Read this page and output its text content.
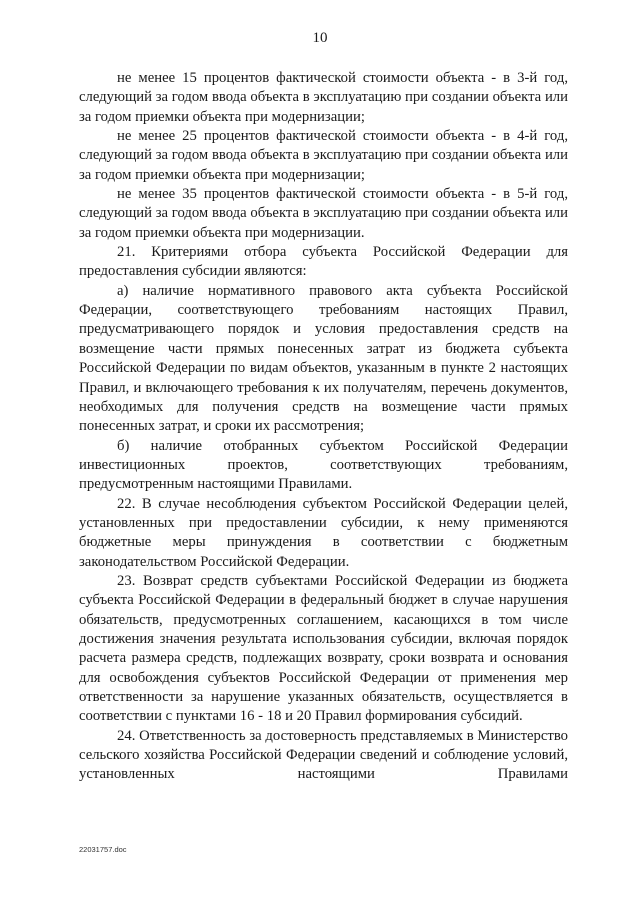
10

не менее 15 процентов фактической стоимости объекта - в 3-й год, следующий за годом ввода объекта в эксплуатацию при создании объекта или за годом приемки объекта при модернизации;

не менее 25 процентов фактической стоимости объекта - в 4-й год, следующий за годом ввода объекта в эксплуатацию при создании объекта или за годом приемки объекта при модернизации;

не менее 35 процентов фактической стоимости объекта - в 5-й год, следующий за годом ввода объекта в эксплуатацию при создании объекта или за годом приемки объекта при модернизации.

21. Критериями отбора субъекта Российской Федерации для предоставления субсидии являются:

а) наличие нормативного правового акта субъекта Российской Федерации, соответствующего требованиям настоящих Правил, предусматривающего порядок и условия предоставления средств на возмещение части прямых понесенных затрат из бюджета субъекта Российской Федерации по видам объектов, указанным в пункте 2 настоящих Правил, и включающего требования к их получателям, перечень документов, необходимых для получения средств на возмещение части прямых понесенных затрат, и сроки их рассмотрения;

б) наличие отобранных субъектом Российской Федерации инвестиционных проектов, соответствующих требованиям, предусмотренным настоящими Правилами.

22. В случае несоблюдения субъектом Российской Федерации целей, установленных при предоставлении субсидии, к нему применяются бюджетные меры принуждения в соответствии с бюджетным законодательством Российской Федерации.

23. Возврат средств субъектами Российской Федерации из бюджета субъекта Российской Федерации в федеральный бюджет в случае нарушения обязательств, предусмотренных соглашением, касающихся в том числе достижения значения результата использования субсидии, включая порядок расчета размера средств, подлежащих возврату, сроки возврата и основания для освобождения субъектов Российской Федерации от применения мер ответственности за нарушение указанных обязательств, осуществляется в соответствии с пунктами 16 - 18 и 20 Правил формирования субсидий.

24. Ответственность за достоверность представляемых в Министерство сельского хозяйства Российской Федерации сведений и соблюдение условий, установленных настоящими Правилами

22031757.doc
